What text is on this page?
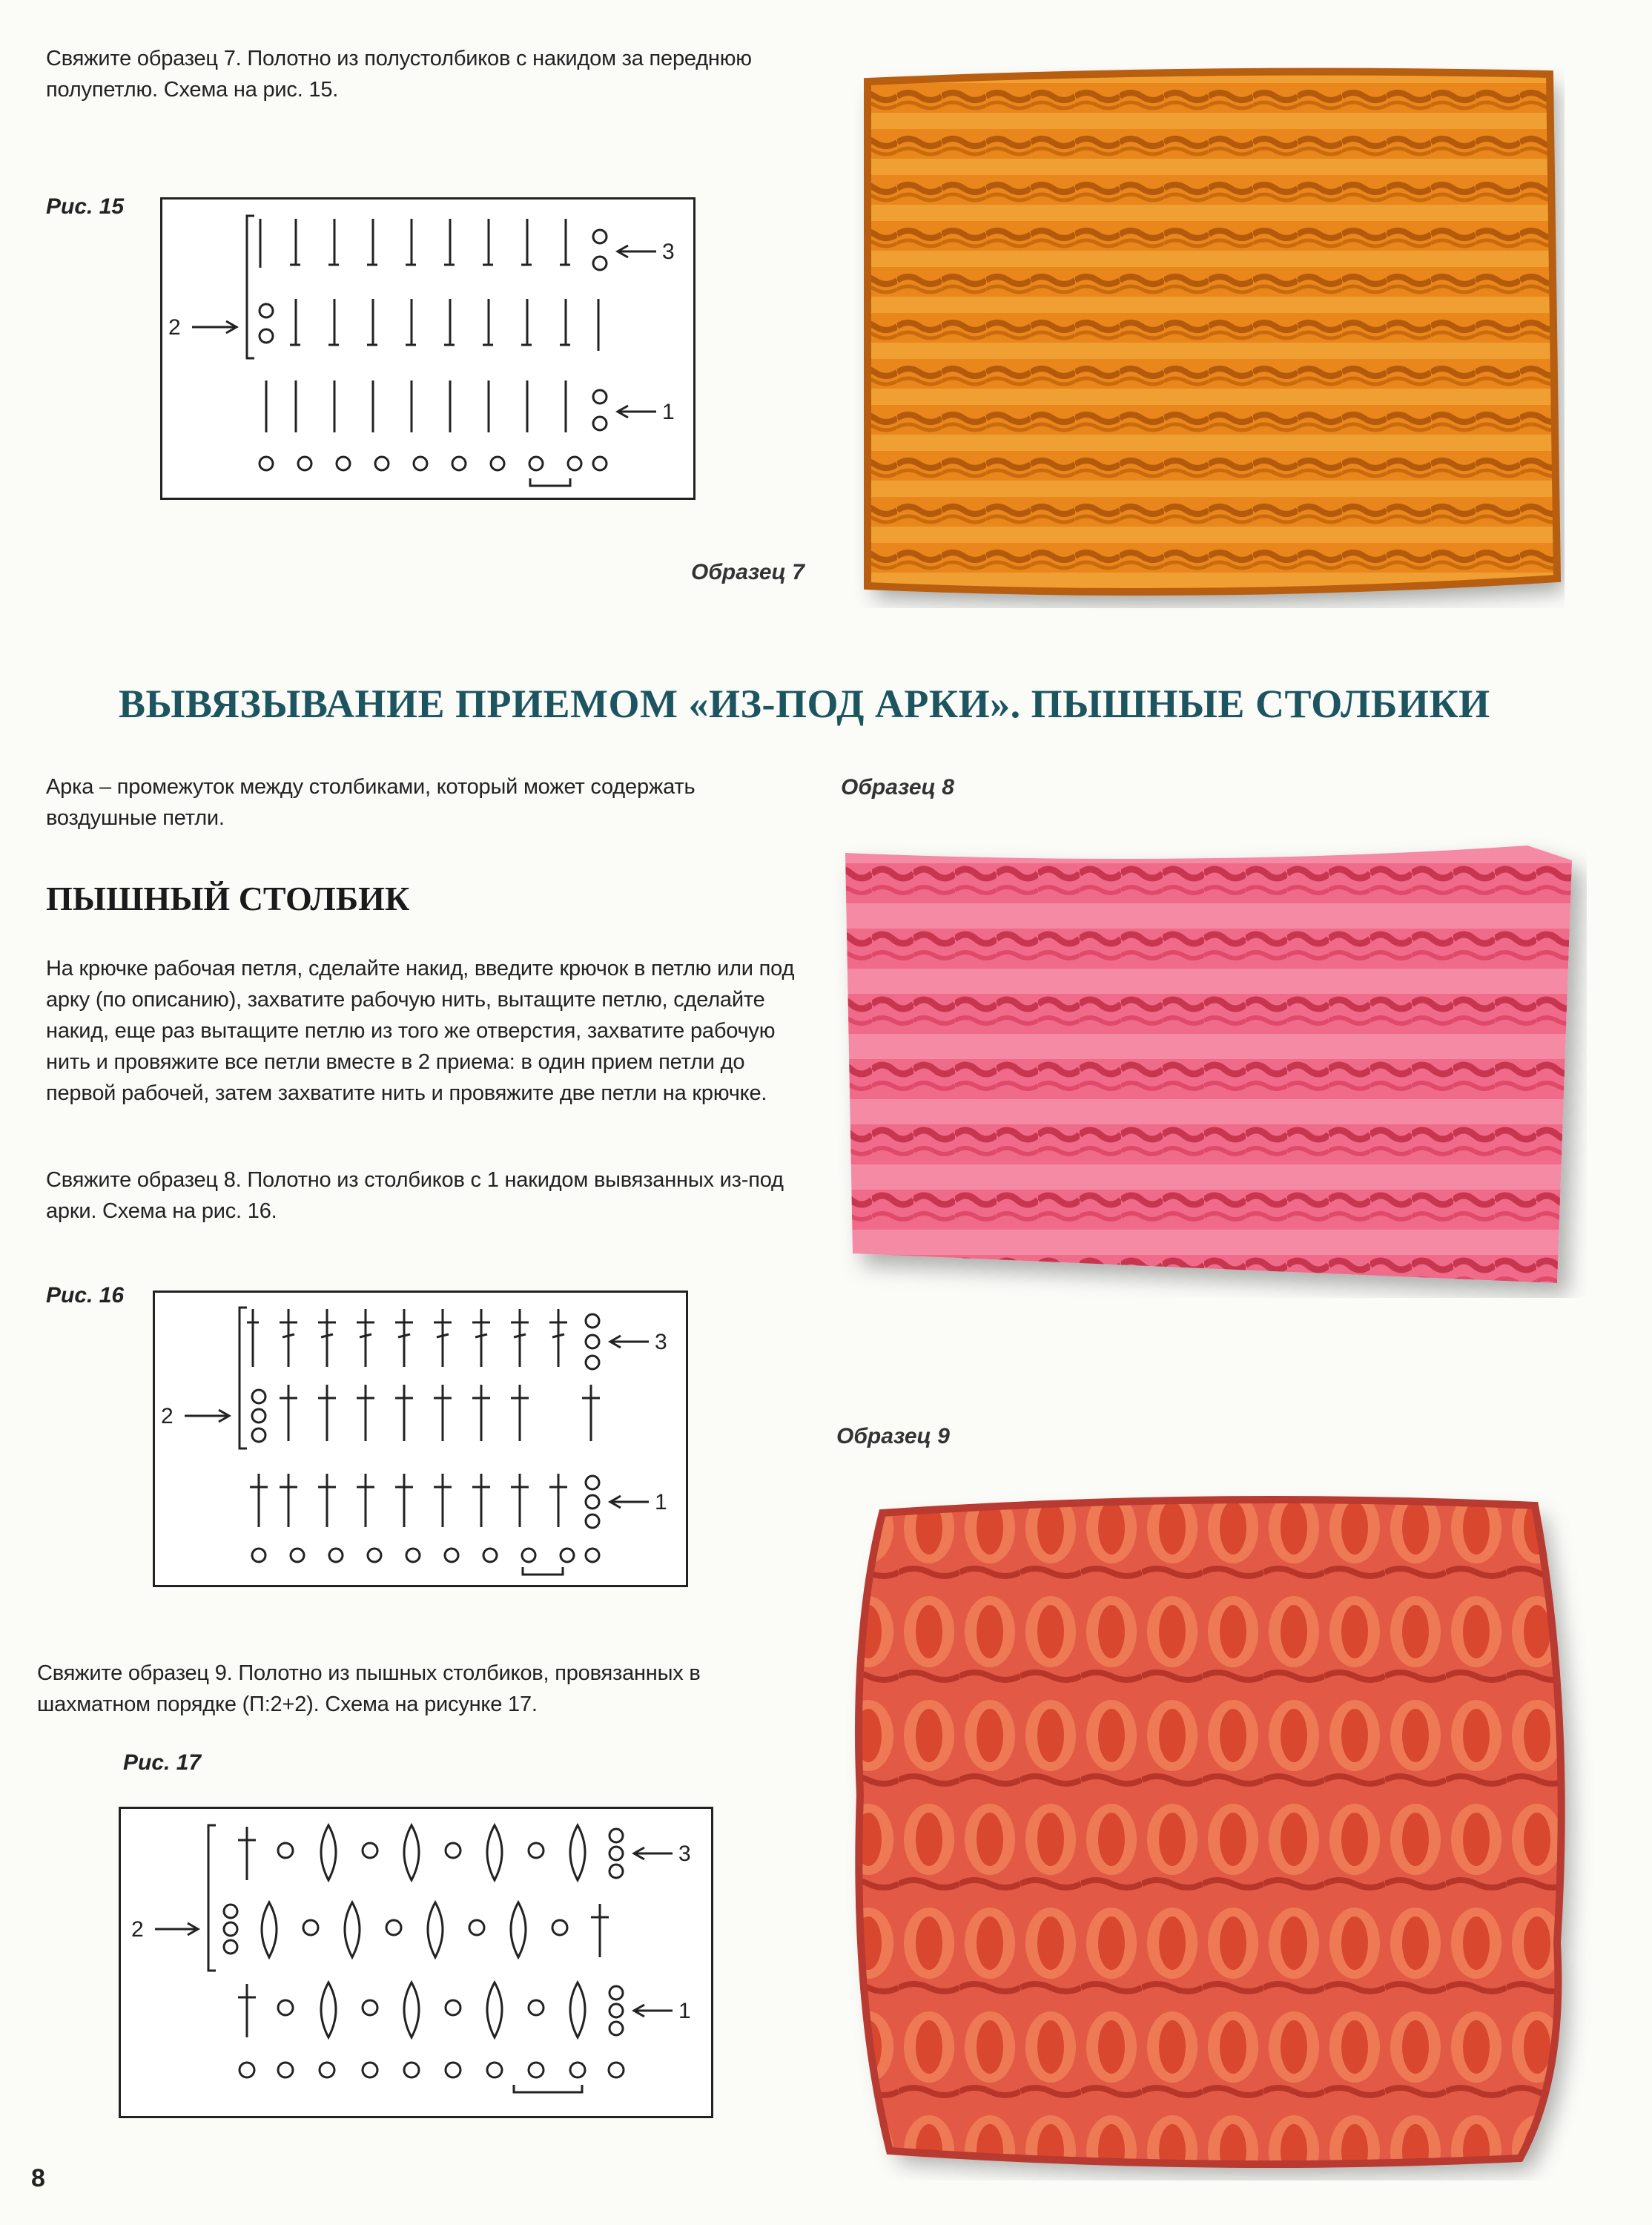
Свяжите образец 7. Полотно из полустолбиков с накидом за переднюю полупетлю. Схема на рис. 15.
Рис. 15
3
2
1
Образец 7
ВЫВЯЗЫВАНИЕ ПРИЕМОМ «ИЗ-ПОД АРКИ». ПЫШНЫЕ СТОЛБИКИ
Арка – промежуток между столбиками, который может содержать воздушные петли.
Образец 8
ПЫШНЫЙ СТОЛБИК
На крючке рабочая петля, сделайте накид, введите крючок в петлю или под арку (по описанию), захватите рабочую нить, вытащите петлю, сделайте накид, еще раз вытащите петлю из того же отверстия, захватите рабочую нить и провяжите все петли вместе в 2 приема: в один прием петли до первой рабочей, затем захватите нить и провяжите две петли на крючке.
Свяжите образец 8. Полотно из столбиков с 1 накидом вывязанных из-под арки. Схема на рис. 16.
Рис. 16
3
2
1
Образец 9
Свяжите образец 9. Полотно из пышных столбиков, провязанных в шахматном порядке (П:2+2). Схема на рисунке 17.
Рис. 17
3
2
1
8
